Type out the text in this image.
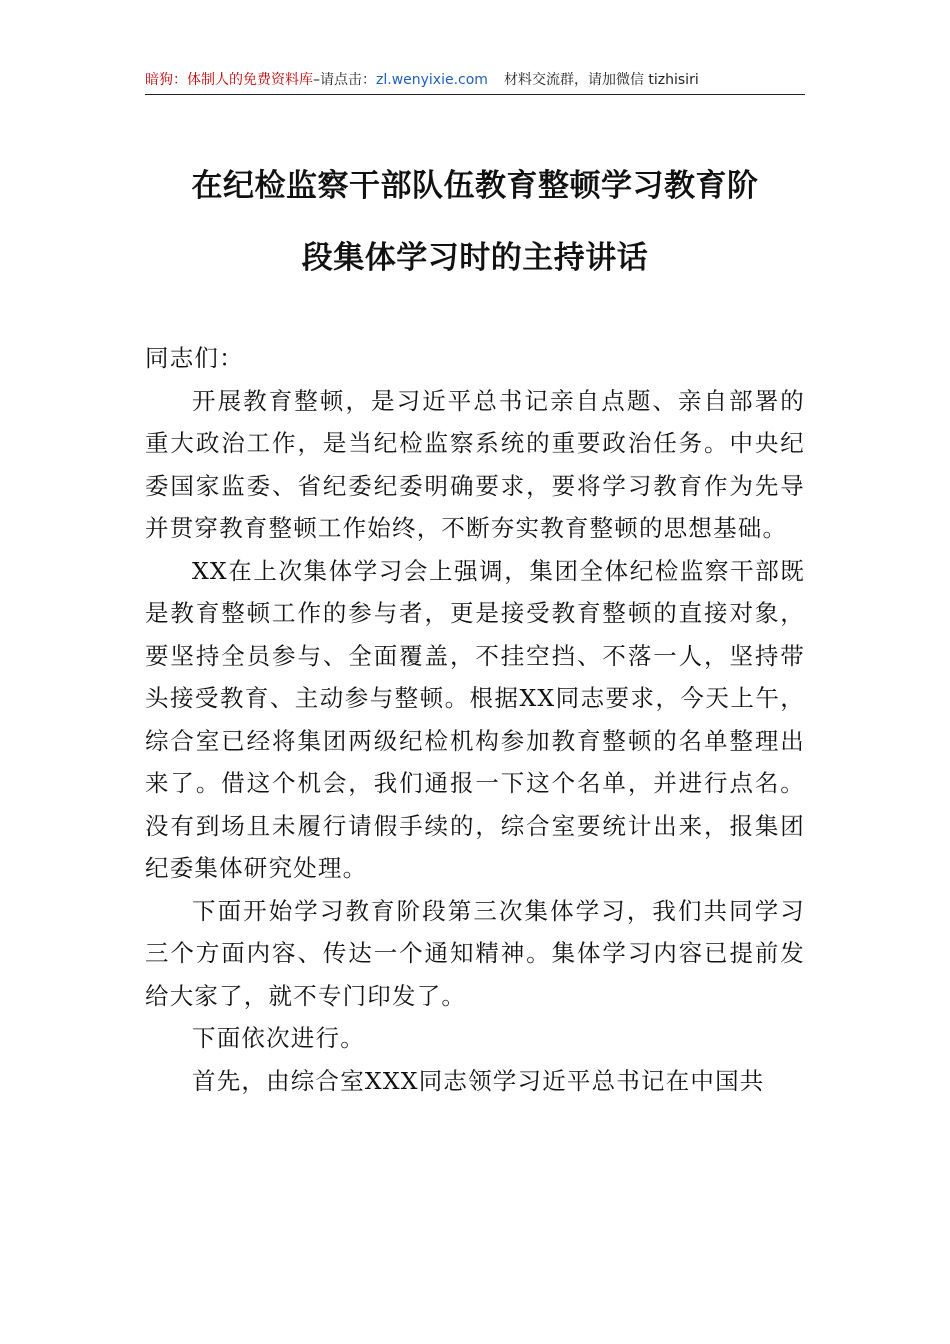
暗狗：体制人的免费资料库–请点击：zl.wenyixie.com 材料交流群，请加微信 tizhisiri
在纪检监察干部队伍教育整顿学习教育阶
段集体学习时的主持讲话

同志们：

开展教育整顿，是习近平总书记亲自点题、亲自部署的重大政治工作，是当纪检监察系统的重要政治任务。中央纪委国家监委、省纪委纪委明确要求，要将学习教育作为先导并贯穿教育整顿工作始终，不断夯实教育整顿的思想基础。

XX在上次集体学习会上强调，集团全体纪检监察干部既是教育整顿工作的参与者，更是接受教育整顿的直接对象，要坚持全员参与、全面覆盖，不挂空挡、不落一人，坚持带头接受教育、主动参与整顿。根据XX同志要求，今天上午，综合室已经将集团两级纪检机构参加教育整顿的名单整理出来了。借这个机会，我们通报一下这个名单，并进行点名。没有到场且未履行请假手续的，综合室要统计出来，报集团纪委集体研究处理。

下面开始学习教育阶段第三次集体学习，我们共同学习三个方面内容、传达一个通知精神。集体学习内容已提前发给大家了，就不专门印发了。

下面依次进行。

首先，由综合室XXX同志领学习近平总书记在中国共
